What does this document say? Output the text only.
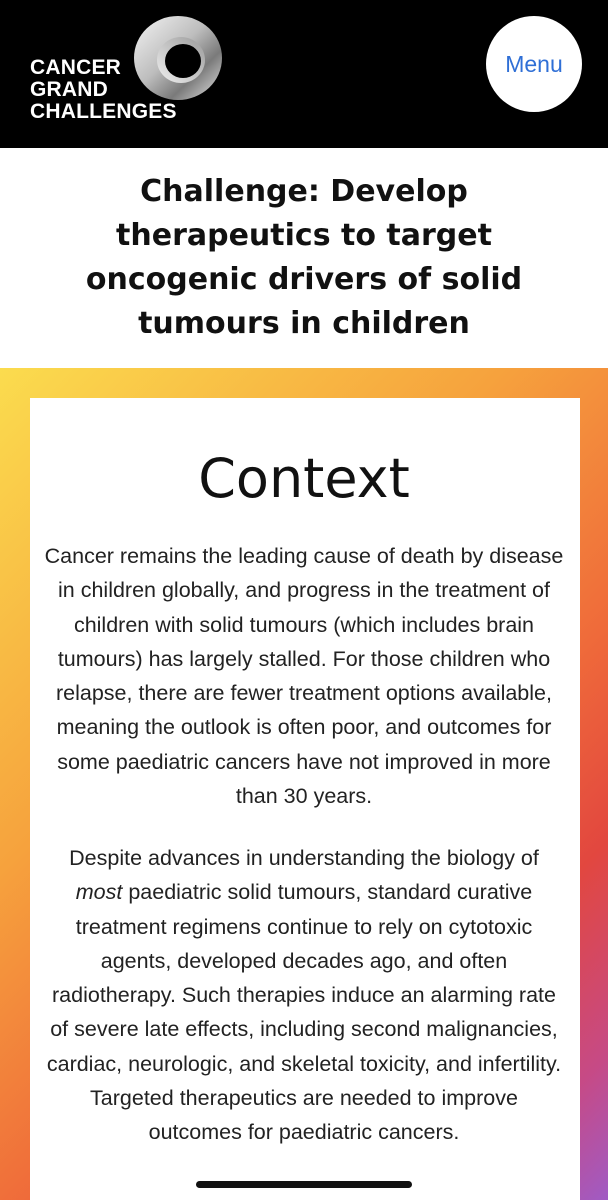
CANCER
GRAND
CHALLENGES
Menu
Challenge: Develop therapeutics to target oncogenic drivers of solid tumours in children
Context

Cancer remains the leading cause of death by disease in children globally, and progress in the treatment of children with solid tumours (which includes brain tumours) has largely stalled. For those children who relapse, there are fewer treatment options available, meaning the outlook is often poor, and outcomes for some paediatric cancers have not improved in more than 30 years.

Despite advances in understanding the biology of most paediatric solid tumours, standard curative treatment regimens continue to rely on cytotoxic agents, developed decades ago, and often radiotherapy. Such therapies induce an alarming rate of severe late effects, including second malignancies, cardiac, neurologic, and skeletal toxicity, and infertility. Targeted therapeutics are needed to improve outcomes for paediatric cancers.
